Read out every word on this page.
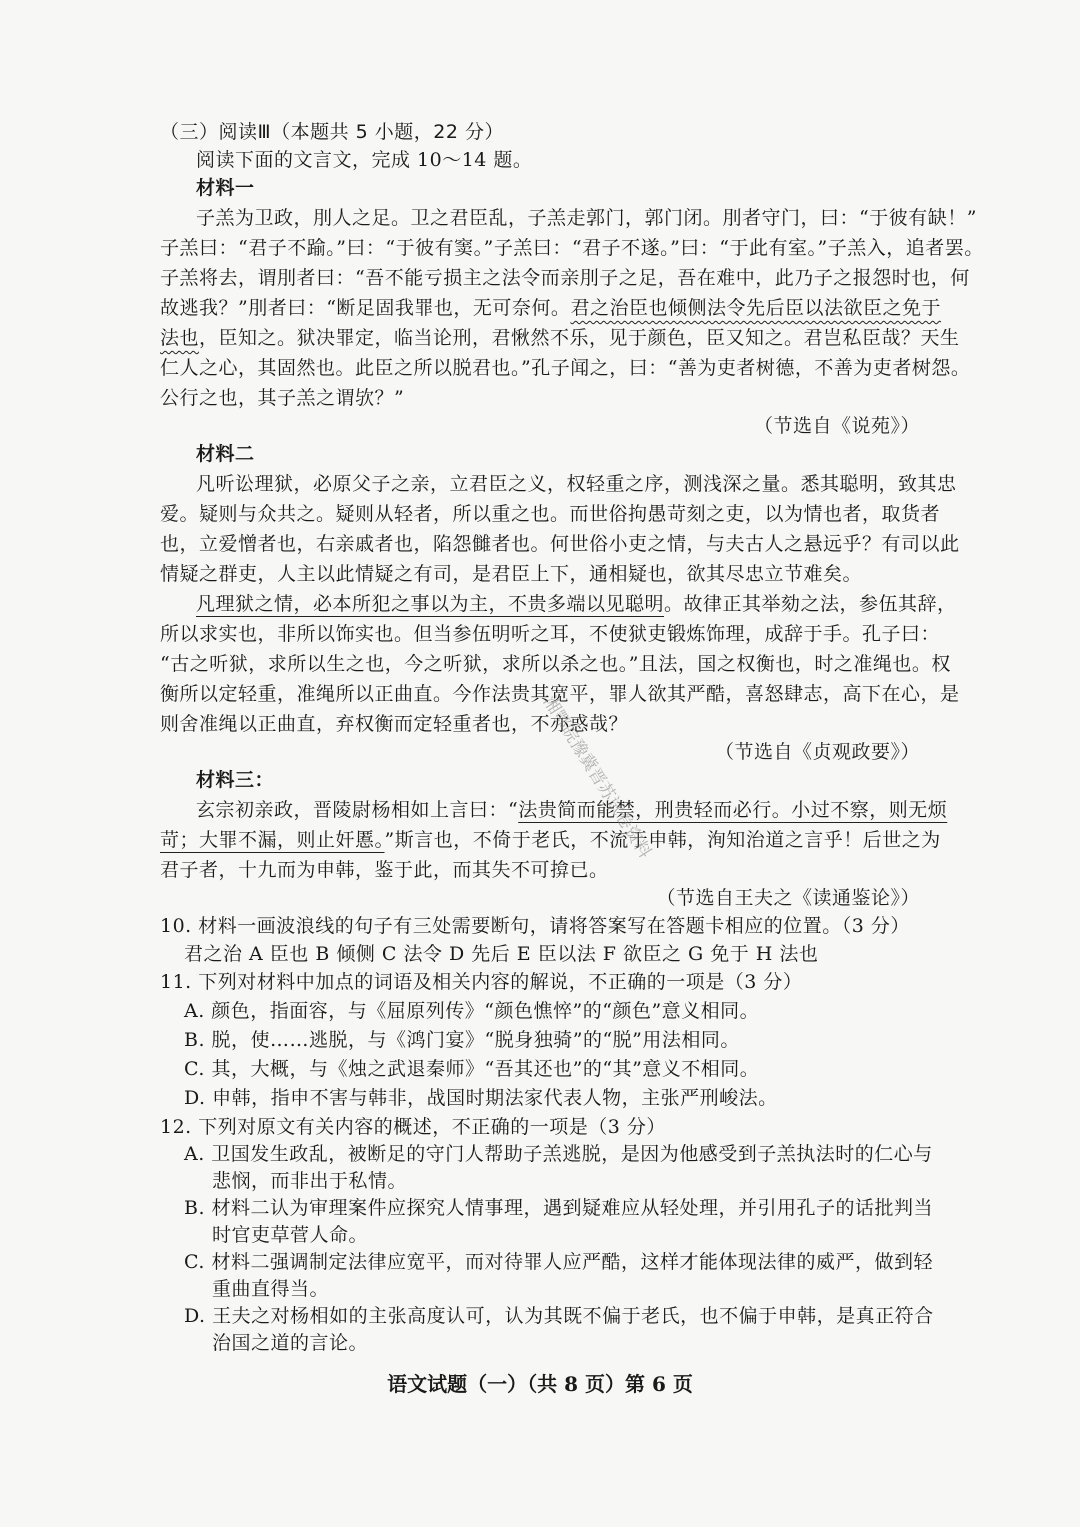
（三）阅读Ⅲ（本题共 5 小题，22 分）
阅读下面的文言文，完成 10～14 题。
材料一
子羔为卫政，刖人之足。卫之君臣乱，子羔走郭门，郭门闭。刖者守门，曰：“于彼有缺！”
子羔曰：“君子不踰。”曰：“于彼有窦。”子羔曰：“君子不遂。”曰：“于此有室。”子羔入，追者罢。
子羔将去，谓刖者曰：“吾不能亏损主之法令而亲刖子之足，吾在难中，此乃子之报怨时也，何
故逃我？”刖者曰：“断足固我罪也，无可奈何。君之治臣也倾侧法令先后臣以法欲臣之免于
法也，臣知之。狱决罪定，临当论刑，君愀然不乐，见于颜色，臣又知之。君岂私臣哉？天生
仁人之心，其固然也。此臣之所以脱君也。”孔子闻之，曰：“善为吏者树德，不善为吏者树怨。
公行之也，其子羔之谓欤？”
（节选自《说苑》）
材料二
凡听讼理狱，必原父子之亲，立君臣之义，权轻重之序，测浅深之量。悉其聪明，致其忠
爱。疑则与众共之。疑则从轻者，所以重之也。而世俗拘愚苛刻之吏，以为情也者，取货者
也，立爱憎者也，右亲戚者也，陷怨雠者也。何世俗小吏之情，与夫古人之悬远乎？有司以此
情疑之群吏，人主以此情疑之有司，是君臣上下，通相疑也，欲其尽忠立节难矣。
凡理狱之情，必本所犯之事以为主，不贵多端以见聪明。故律正其举劾之法，参伍其辞，
所以求实也，非所以饰实也。但当参伍明听之耳，不使狱吏锻炼饰理，成辞于手。孔子曰：
“古之听狱，求所以生之也，今之听狱，求所以杀之也。”且法，国之权衡也，时之准绳也。权
衡所以定轻重，准绳所以正曲直。今作法贵其宽平，罪人欲其严酷，喜怒肆志，高下在心，是
则舍准绳以正曲直，弃权衡而定轻重者也，不亦惑哉？
（节选自《贞观政要》）
材料三：
玄宗初亲政，晋陵尉杨相如上言曰：“法贵简而能禁，刑贵轻而必行。小过不察，则无烦
苛；大罪不漏，则止奸慝。”斯言也，不倚于老氏，不流于申韩，洵知治道之言乎！后世之为
君子者，十九而为申韩，鉴于此，而其失不可揜已。
（节选自王夫之《读通鉴论》）
10. 材料一画波浪线的句子有三处需要断句，请将答案写在答题卡相应的位置。（3 分）
君之治 A 臣也 B 倾侧 C 法令 D 先后 E 臣以法 F 欲臣之 G 免于 H 法也
11. 下列对材料中加点的词语及相关内容的解说，不正确的一项是（3 分）
A. 颜色，指面容，与《屈原列传》“颜色憔悴”的“颜色”意义相同。
B. 脱，使……逃脱，与《鸿门宴》“脱身独骑”的“脱”用法相同。
C. 其，大概，与《烛之武退秦师》“吾其还也”的“其”意义不相同。
D. 申韩，指申不害与韩非，战国时期法家代表人物，主张严刑峻法。
12. 下列对原文有关内容的概述，不正确的一项是（3 分）
A. 卫国发生政乱，被断足的守门人帮助子羔逃脱，是因为他感受到子羔执法时的仁心与
悲悯，而非出于私情。
B. 材料二认为审理案件应探究人情事理，遇到疑难应从轻处理，并引用孔子的话批判当
时官吏草菅人命。
C. 材料二强调制定法律应宽平，而对待罪人应严酷，这样才能体现法律的威严，做到轻
重曲直得当。
湘鄂皖豫冀晋苏试卷资料
语文试题（一）（共 8 页）第 6 页
D. 王夫之对杨相如的主张高度认可，认为其既不偏于老氏，也不偏于申韩，是真正符合
治国之道的言论。
